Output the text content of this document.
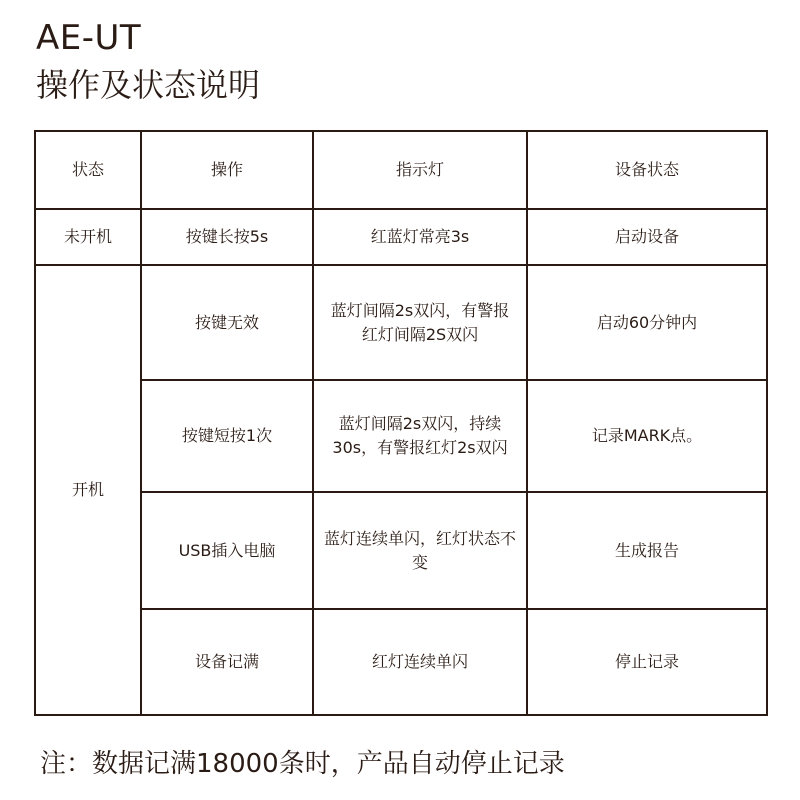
AE-UT
操作及状态说明
状态	操作	指示灯	设备状态
未开机	按键长按5s	红蓝灯常亮3s	启动设备
开机	按键无效	蓝灯间隔2s双闪，有警报红灯间隔2S双闪	启动60分钟内
	按键短按1次	蓝灯间隔2s双闪，持续30s，有警报红灯2s双闪	记录MARK点。
	USB插入电脑	蓝灯连续单闪，红灯状态不变	生成报告
	设备记满	红灯连续单闪	停止记录

注：数据记满18000条时，产品自动停止记录
